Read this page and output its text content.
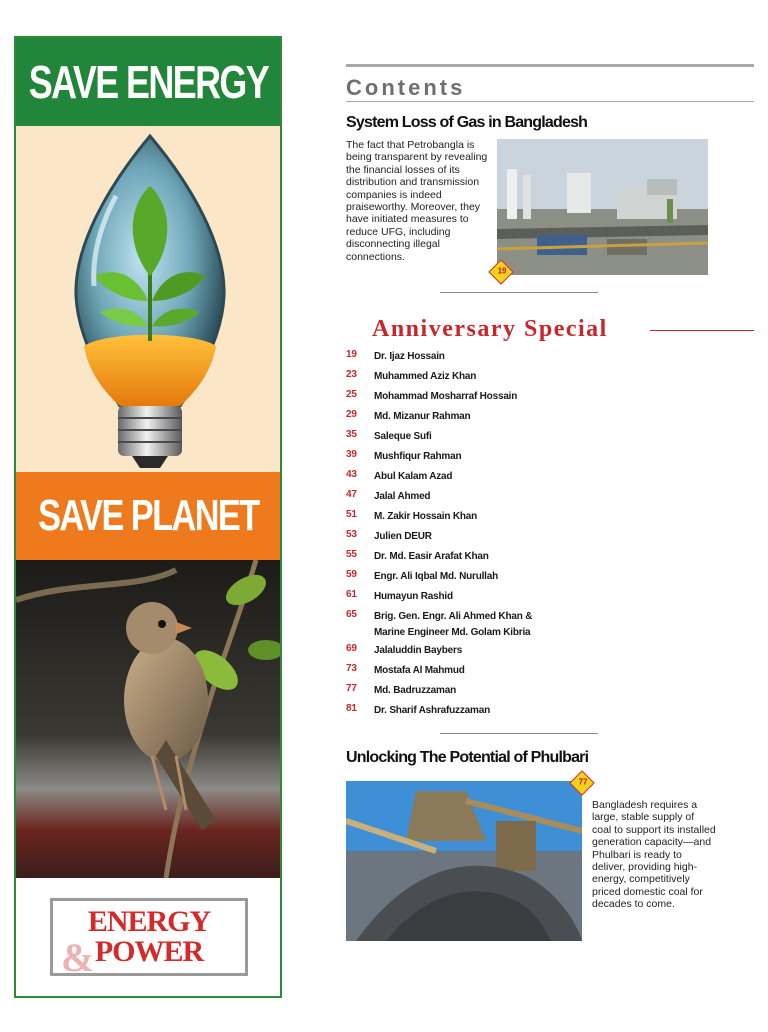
SAVE ENERGY
SAVE PLANET
ENERGY
POWER
&
Contents
System Loss of Gas in Bangladesh
The fact that Petrobangla is being transparent by revealing the financial losses of its distribution and transmission companies is indeed praiseworthy. Moreover, they have initiated measures to reduce UFG, including disconnecting illegal connections.
19
Anniversary Special
19	Dr. Ijaz Hossain
23	Muhammed Aziz Khan
25	Mohammad Mosharraf Hossain
29	Md. Mizanur Rahman
35	Saleque Sufi
39	Mushfiqur Rahman
43	Abul Kalam Azad
47	Jalal Ahmed
51	M. Zakir Hossain Khan
53	Julien DEUR
55	Dr. Md. Easir Arafat Khan
59	Engr. Ali Iqbal Md. Nurullah
61	Humayun Rashid
65	Brig. Gen. Engr. Ali Ahmed Khan &
Marine Engineer Md. Golam Kibria
69	Jalaluddin Baybers
73	Mostafa Al Mahmud
77	Md. Badruzzaman
81	Dr. Sharif Ashrafuzzaman
Unlocking The Potential of Phulbari
77
Bangladesh requires a large, stable supply of coal to support its installed generation capacity—and Phulbari is ready to deliver, providing high-energy, competitively priced domestic coal for decades to come.
